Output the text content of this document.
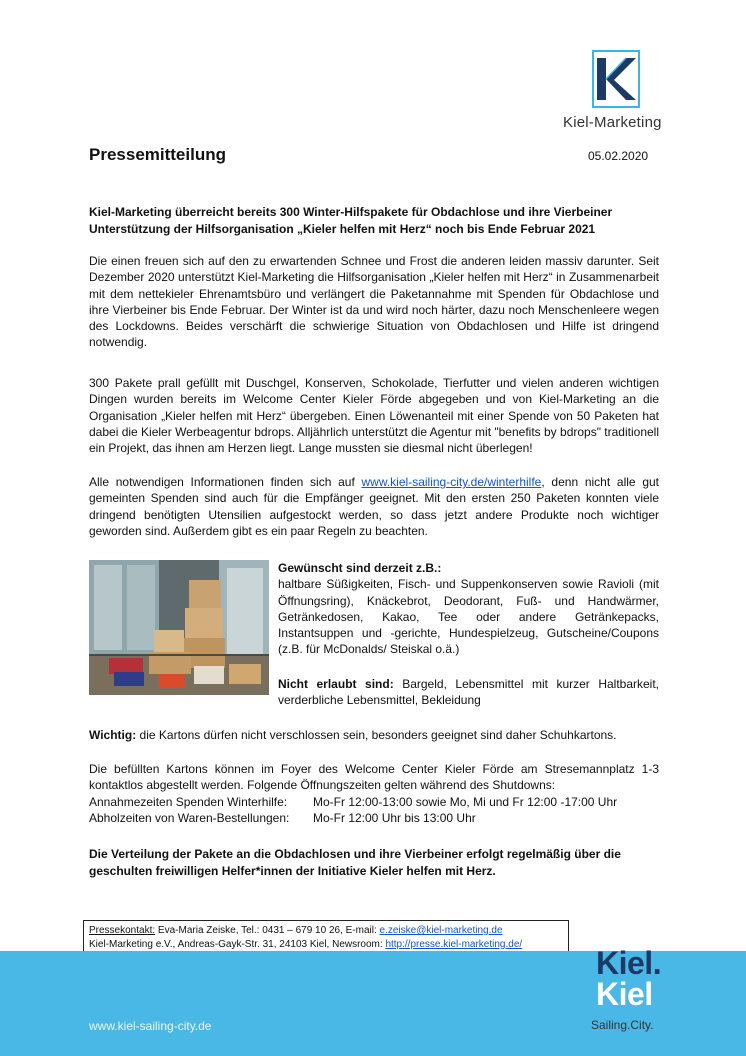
Kiel-Marketing
Pressemitteilung	05.02.2020
Kiel-Marketing überreicht bereits 300 Winter-Hilfspakete für Obdachlose und ihre Vierbeiner Unterstützung der Hilfsorganisation „Kieler helfen mit Herz“ noch bis Ende Februar 2021

Die einen freuen sich auf den zu erwartenden Schnee und Frost die anderen leiden massiv darunter. Seit Dezember 2020 unterstützt Kiel-Marketing die Hilfsorganisation „Kieler helfen mit Herz“ in Zusammenarbeit mit dem nettekieler Ehrenamtsbüro und verlängert die Paketannahme mit Spenden für Obdachlose und ihre Vierbeiner bis Ende Februar. Der Winter ist da und wird noch härter, dazu noch Menschenleere wegen des Lockdowns. Beides verschärft die schwierige Situation von Obdachlosen und Hilfe ist dringend notwendig.

300 Pakete prall gefüllt mit Duschgel, Konserven, Schokolade, Tierfutter und vielen anderen wichtigen Dingen wurden bereits im Welcome Center Kieler Förde abgegeben und von Kiel-Marketing an die Organisation „Kieler helfen mit Herz“ übergeben. Einen Löwenanteil mit einer Spende von 50 Paketen hat dabei die Kieler Werbeagentur bdrops. Alljährlich unterstützt die Agentur mit "benefits by bdrops" traditionell ein Projekt, das ihnen am Herzen liegt. Lange mussten sie diesmal nicht überlegen!

Alle notwendigen Informationen finden sich auf www.kiel-sailing-city.de/winterhilfe, denn nicht alle gut gemeinten Spenden sind auch für die Empfänger geeignet. Mit den ersten 250 Paketen konnten viele dringend benötigten Utensilien aufgestockt werden, so dass jetzt andere Produkte noch wichtiger geworden sind. Außerdem gibt es ein paar Regeln zu beachten.

Gewünscht sind derzeit z.B.:
haltbare Süßigkeiten, Fisch- und Suppenkonserven sowie Ravioli (mit Öffnungsring), Knäckebrot, Deodorant, Fuß- und Handwärmer, Getränkedosen, Kakao, Tee oder andere Getränkepacks, Instantsuppen und -gerichte, Hundespielzeug, Gutscheine/Coupons (z.B. für McDonalds/ Steiskal o.ä.)
Nicht erlaubt sind: Bargeld, Lebensmittel mit kurzer Haltbarkeit, verderbliche Lebensmittel, Bekleidung
Wichtig: die Kartons dürfen nicht verschlossen sein, besonders geeignet sind daher Schuhkartons.

Die befüllten Kartons können im Foyer des Welcome Center Kieler Förde am Stresemannplatz 1-3 kontaktlos abgestellt werden. Folgende Öffnungszeiten gelten während des Shutdowns:

Annahmezeiten Spenden Winterhilfe: Mo-Fr 12:00-13:00 sowie Mo, Mi und Fr 12:00 -17:00 Uhr
Abholzeiten von Waren-Bestellungen: Mo-Fr 12:00 Uhr bis 13:00 Uhr
Die Verteilung der Pakete an die Obdachlosen und ihre Vierbeiner erfolgt regelmäßig über die geschulten freiwilligen Helfer*innen der Initiative Kieler helfen mit Herz.
Pressekontakt: Eva-Maria Zeiske, Tel.: 0431 – 679 10 26, E-mail: e.zeiske@kiel-marketing.de
Kiel-Marketing e.V., Andreas-Gayk-Str. 31, 24103 Kiel, Newsroom: http://presse.kiel-marketing.de/
www.kiel-sailing-city.de
Kiel.
Kiel
Sailing.City.
